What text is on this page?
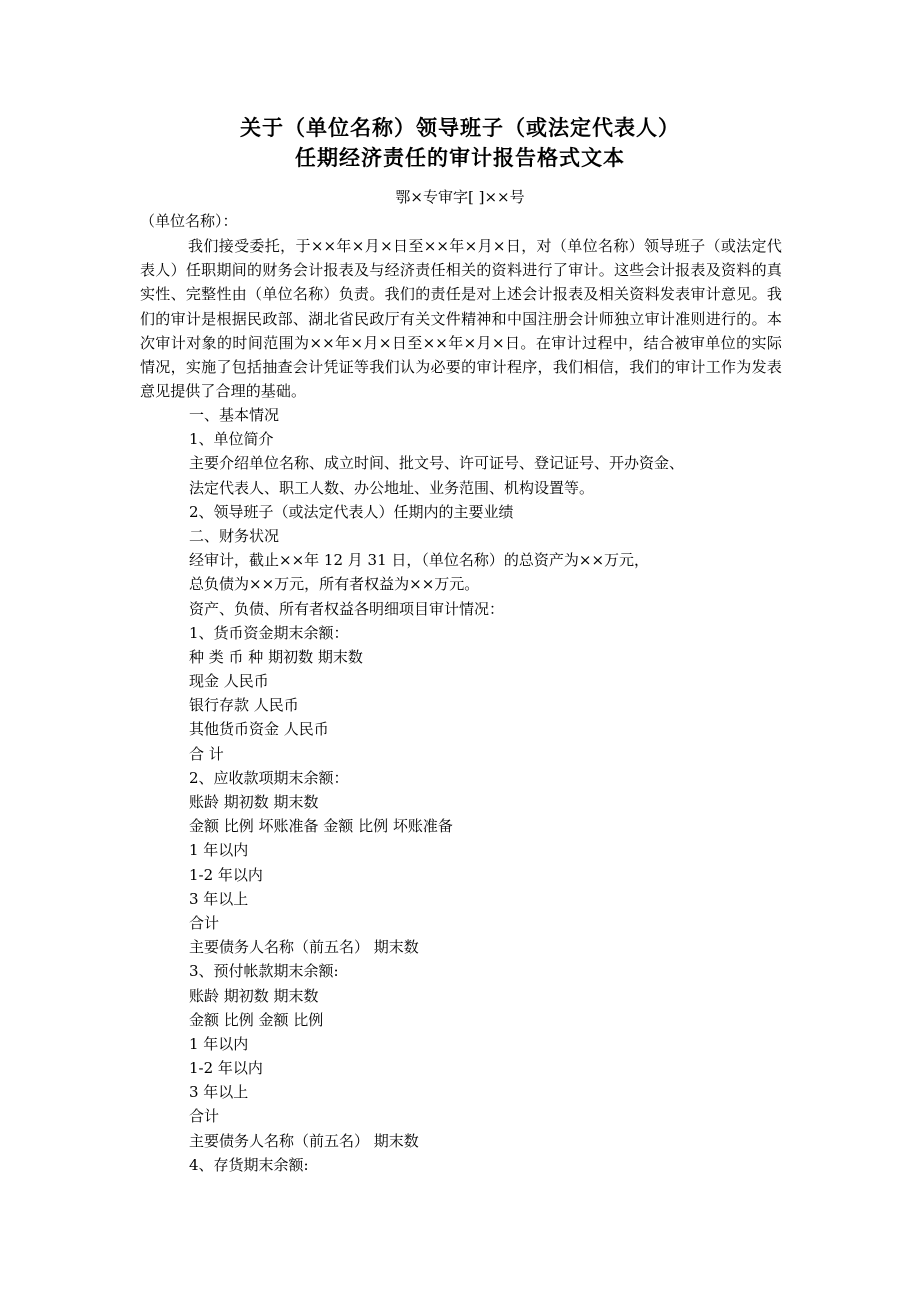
关于（单位名称）领导班子（或法定代表人）
任期经济责任的审计报告格式文本
鄂×专审字[ ]××号
（单位名称）：
我们接受委托，于××年×月×日至××年×月×日，对（单位名称）领导班子（或法定代表人）任职期间的财务会计报表及与经济责任相关的资料进行了审计。这些会计报表及资料的真实性、完整性由（单位名称）负责。我们的责任是对上述会计报表及相关资料发表审计意见。我们的审计是根据民政部、湖北省民政厅有关文件精神和中国注册会计师独立审计准则进行的。本次审计对象的时间范围为××年×月×日至××年×月×日。在审计过程中，结合被审单位的实际情况，实施了包括抽查会计凭证等我们认为必要的审计程序，我们相信，我们的审计工作为发表意见提供了合理的基础。
一、基本情况
1、单位简介
主要介绍单位名称、成立时间、批文号、许可证号、登记证号、开办资金、
法定代表人、职工人数、办公地址、业务范围、机构设置等。
2、领导班子（或法定代表人）任期内的主要业绩
二、财务状况
经审计，截止××年 12 月 31 日，（单位名称）的总资产为××万元，
总负债为××万元，所有者权益为××万元。
资产、负债、所有者权益各明细项目审计情况：
1、货币资金期末余额：
种 类 币 种 期初数 期末数
现金 人民币
银行存款 人民币
其他货币资金 人民币
合 计
2、应收款项期末余额：
账龄 期初数 期末数
金额 比例 坏账准备 金额 比例 坏账准备
1 年以内
1-2 年以内
3 年以上
合计
主要债务人名称（前五名） 期末数
3、预付帐款期末余额:
账龄 期初数 期末数
金额 比例 金额 比例
1 年以内
1-2 年以内
3 年以上
合计
主要债务人名称（前五名） 期末数
4、存货期末余额:
